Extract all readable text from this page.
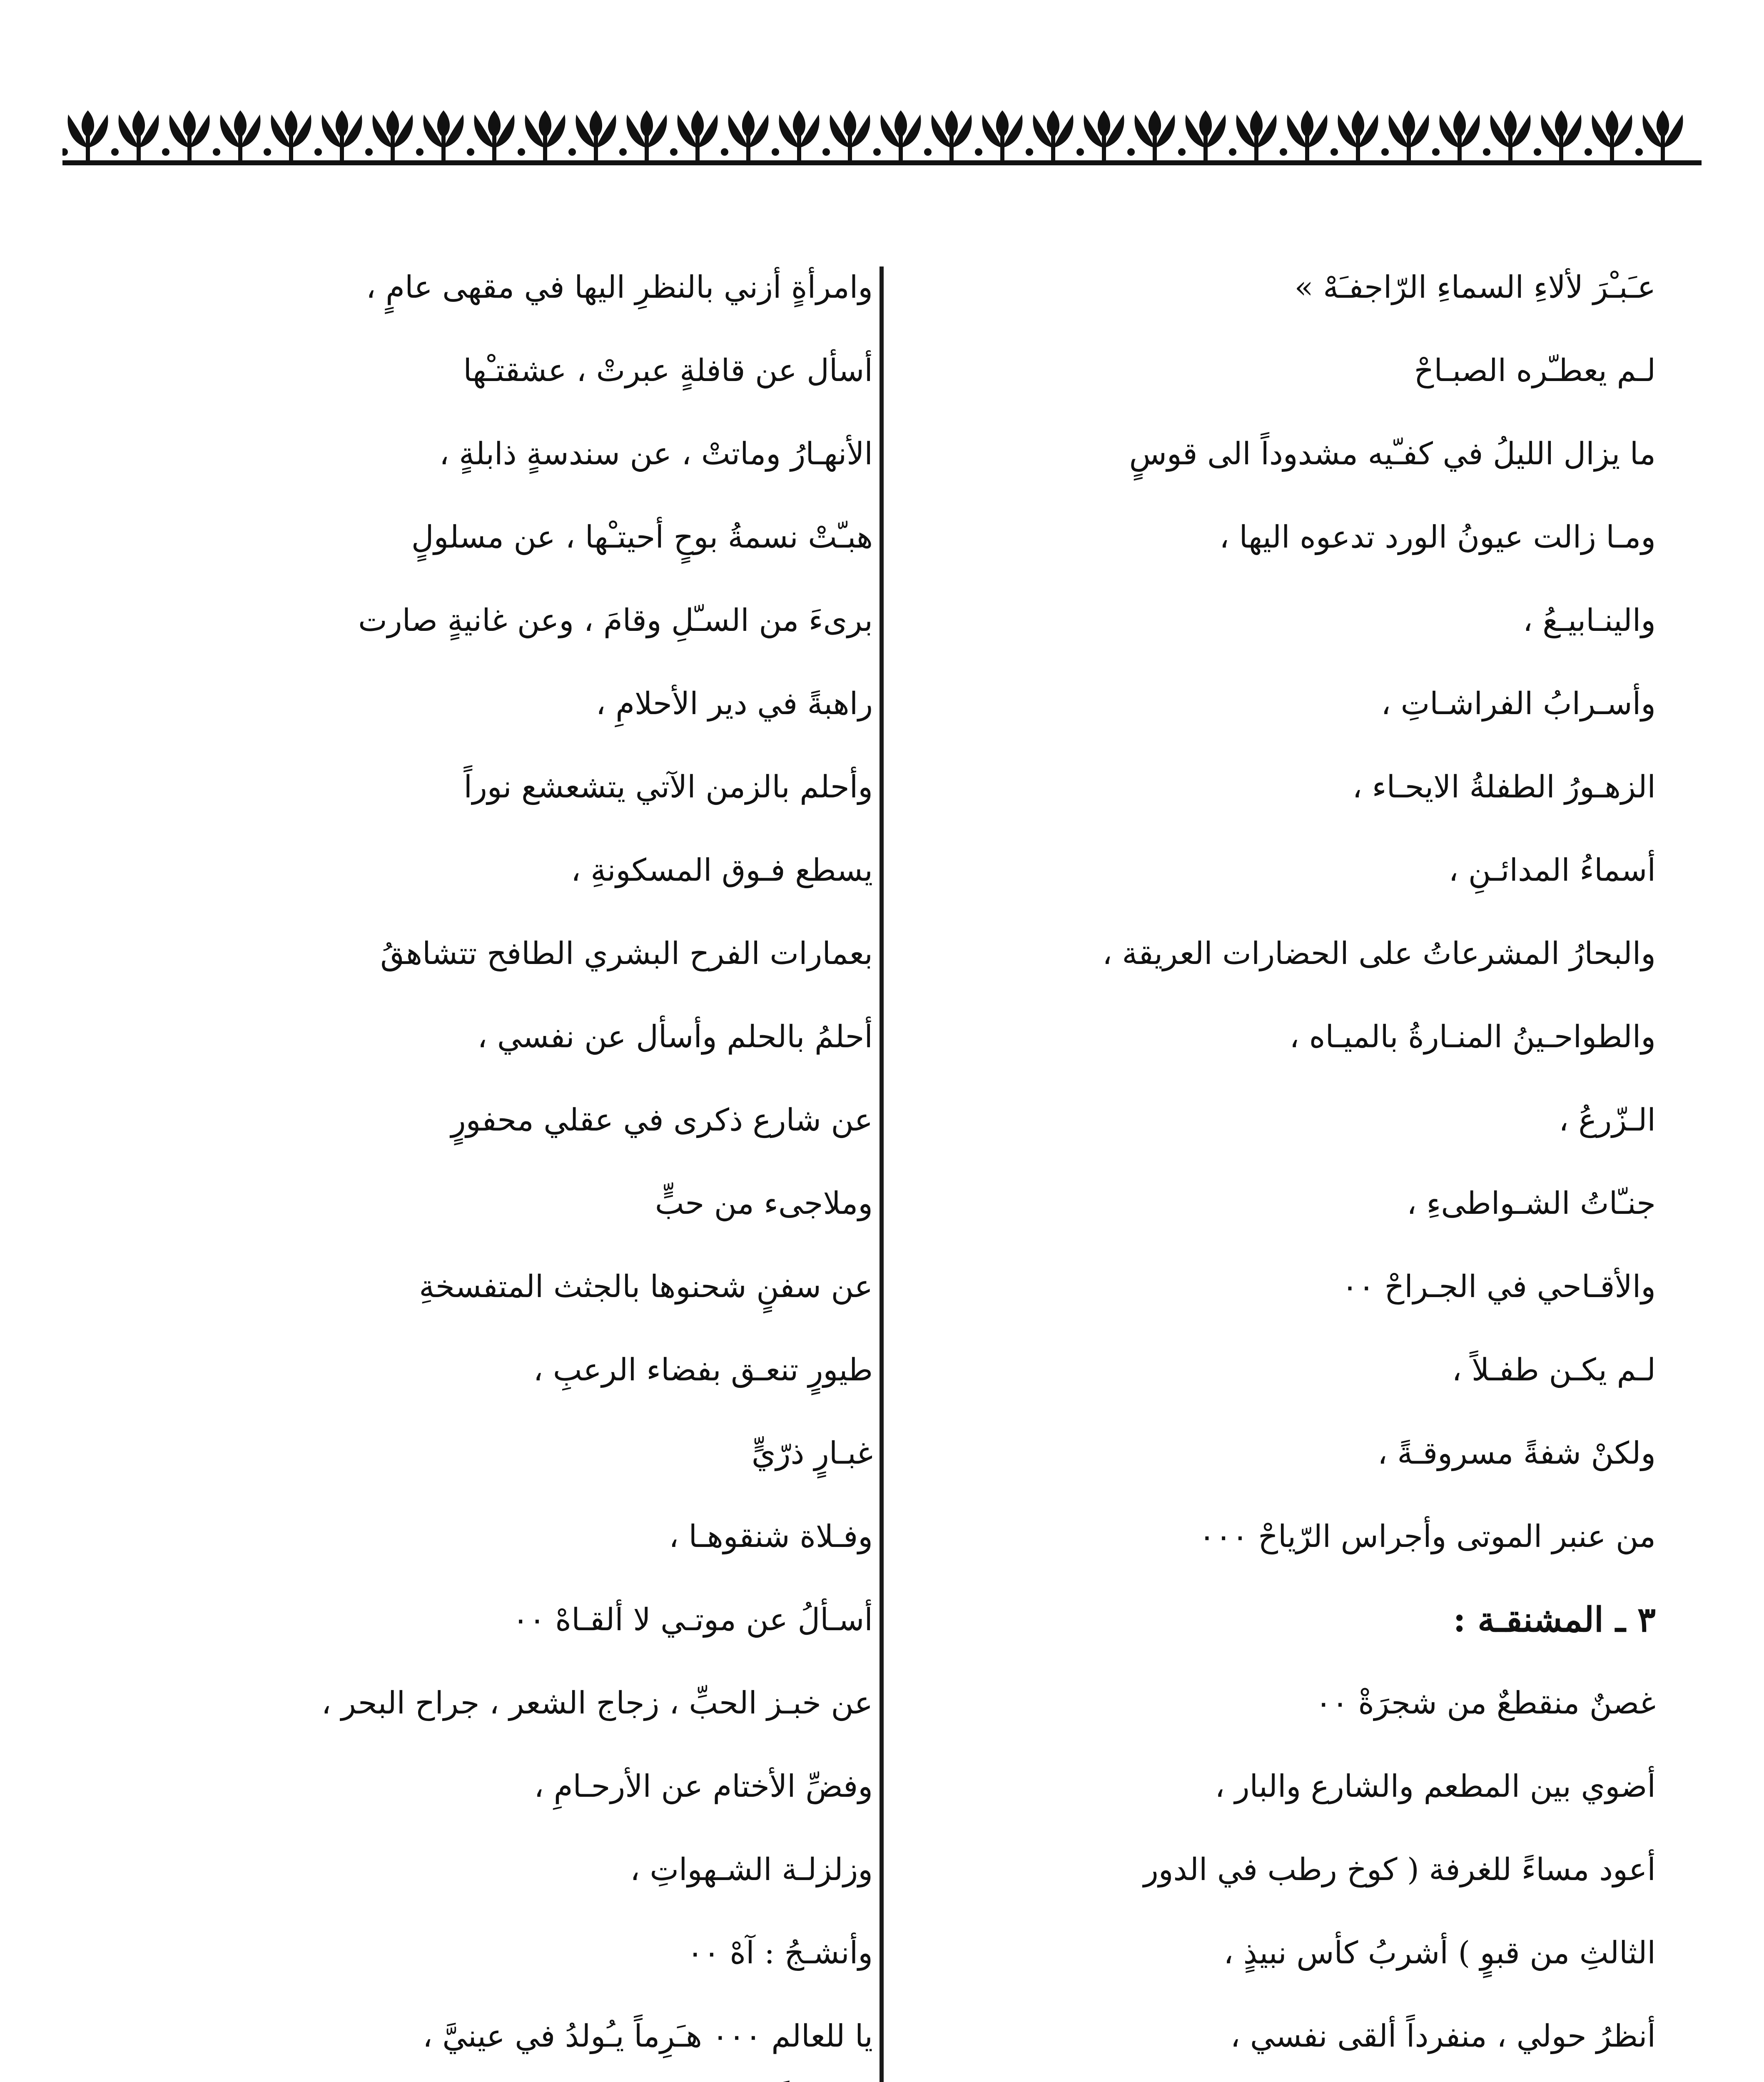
عـَبـْرَ لألاءِ السماءِ الرّاجفـَهْ »
لـم يعطـّره الصبـاحْ
ما يزال الليلُ في كفـّيه مشدوداً الى قوسٍ
ومـا زالت عيونُ الورد تدعوه اليها ،
والينـابيـعُ ،
وأسـرابُ الفراشـاتِ ،
الزهـورُ الطفلةُ الايحـاء ،
أسماءُ المدائـنِ ،
والبحارُ المشرعاتُ على الحضارات العريقة ،
والطواحـينُ المنـارةُ بالميـاه ،
الـزّرعُ ،
جنـّاتُ الشـواطىءِ ،
والأقـاحي في الجـراحْ ٠٠
لـم يكـن طفـلاً ،
ولكنْ شفةً مسروقـةً ،
من عنبر الموتى وأجراس الرّياحْ ٠٠٠
٣ ـ المشنقـة :
غصنٌ منقطعٌ من شجرَةْ ٠٠
أضوي بين المطعم والشارع والبار ،
أعود مساءً للغرفة ( كوخ رطب في الدور
الثالثِ من قبوٍ ) أشربُ كأس نبيذٍ ،
أنظرُ حولي ، منفرداً ألقى نفسي ،
وامرأةٍ أزني بالنظرِ اليها في مقهى عامٍ ،
أسأل عن قافلةٍ عبرتْ ، عشقتـْها
الأنهـارُ وماتتْ ، عن سندسةٍ ذابلةٍ ،
هبـّتْ نسمةُ بوحٍ أحيتـْها ، عن مسلولٍ
برىءَ من السـّلِ وقامَ ، وعن غانيةٍ صارت
راهبةً في دير الأحلامِ ،
وأحلم بالزمن الآتي يتشعشع نوراً
يسطع فـوق المسكونةِ ،
بعمارات الفرح البشري الطافح تتشاهقُ
أحلمُ بالحلم وأسأل عن نفسي ،
عن شارع ذكرى في عقلي محفورٍ
وملاجىء من حبٍّ
عن سفنٍ شحنوها بالجثث المتفسخةِ
طيورٍ تنعـق بفضاء الرعبِ ،
غبـارٍ ذرّيٍّ
وفـلاة شنقوهـا ،
أسـألُ عن موتـي لا ألقـاهْ ٠٠
عن خبـز الحبِّ ، زجاج الشعر ، جراح البحر ،
وفضِّ الأختام عن الأرحـامِ ،
وزلزلـة الشـهواتِ ،
وأنشـجُ : آهْ ٠٠
يا للعالم ٠٠٠ هـَرِماً يـُولدُ في عينيَّ ،
